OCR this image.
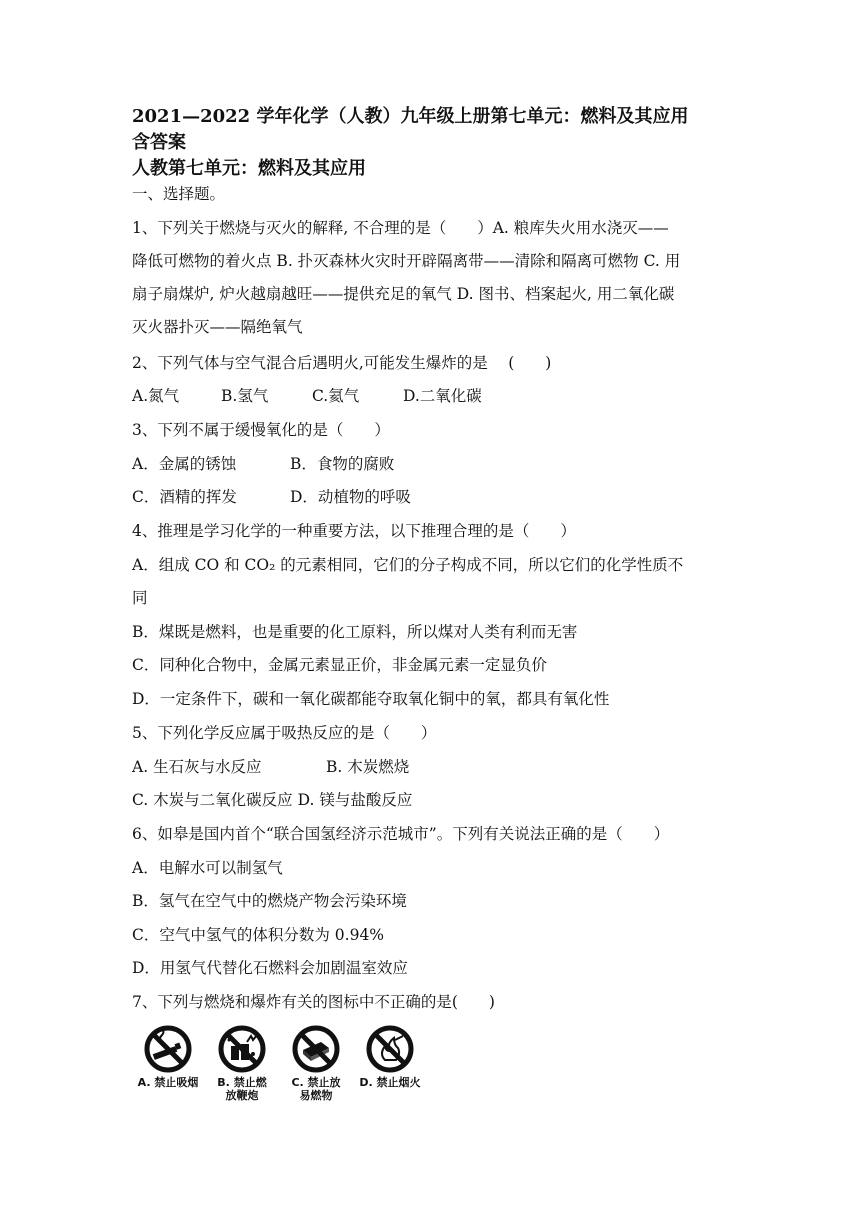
2021—2022 学年化学（人教）九年级上册第七单元：燃料及其应用
含答案
人教第七单元：燃料及其应用
一、选择题。
1、下列关于燃烧与灭火的解释, 不合理的是（　　）A. 粮库失火用水浇灭——
降低可燃物的着火点 B. 扑灭森林火灾时开辟隔离带——清除和隔离可燃物 C. 用
扇子扇煤炉, 炉火越扇越旺——提供充足的氧气 D. 图书、档案起火, 用二氧化碳
灭火器扑灭——隔绝氧气
2、下列气体与空气混合后遇明火,可能发生爆炸的是　 (　　)
A.氮气	B.氢气	C.氦气	D.二氧化碳
3、下列不属于缓慢氧化的是（　　）
A．金属的锈蚀	B．食物的腐败
C．酒精的挥发	D．动植物的呼吸
4、推理是学习化学的一种重要方法，以下推理合理的是（　　）
A．组成 CO 和 CO₂ 的元素相同，它们的分子构成不同，所以它们的化学性质不
同
B．煤既是燃料，也是重要的化工原料，所以煤对人类有利而无害
C．同种化合物中，金属元素显正价，非金属元素一定显负价
D．一定条件下，碳和一氧化碳都能夺取氧化铜中的氧，都具有氧化性
5、下列化学反应属于吸热反应的是（　　）
A. 生石灰与水反应	B. 木炭燃烧
C. 木炭与二氧化碳反应 D. 镁与盐酸反应
6、如皋是国内首个“联合国氢经济示范城市”。下列有关说法正确的是（　　）
A．电解水可以制氢气
B．氢气在空气中的燃烧产物会污染环境
C．空气中氢气的体积分数为 0.94%
D．用氢气代替化石燃料会加剧温室效应
7、下列与燃烧和爆炸有关的图标中不正确的是(　　)
A. 禁止吸烟	B. 禁止燃
放鞭炮
C. 禁止放
易燃物
D. 禁止烟火
